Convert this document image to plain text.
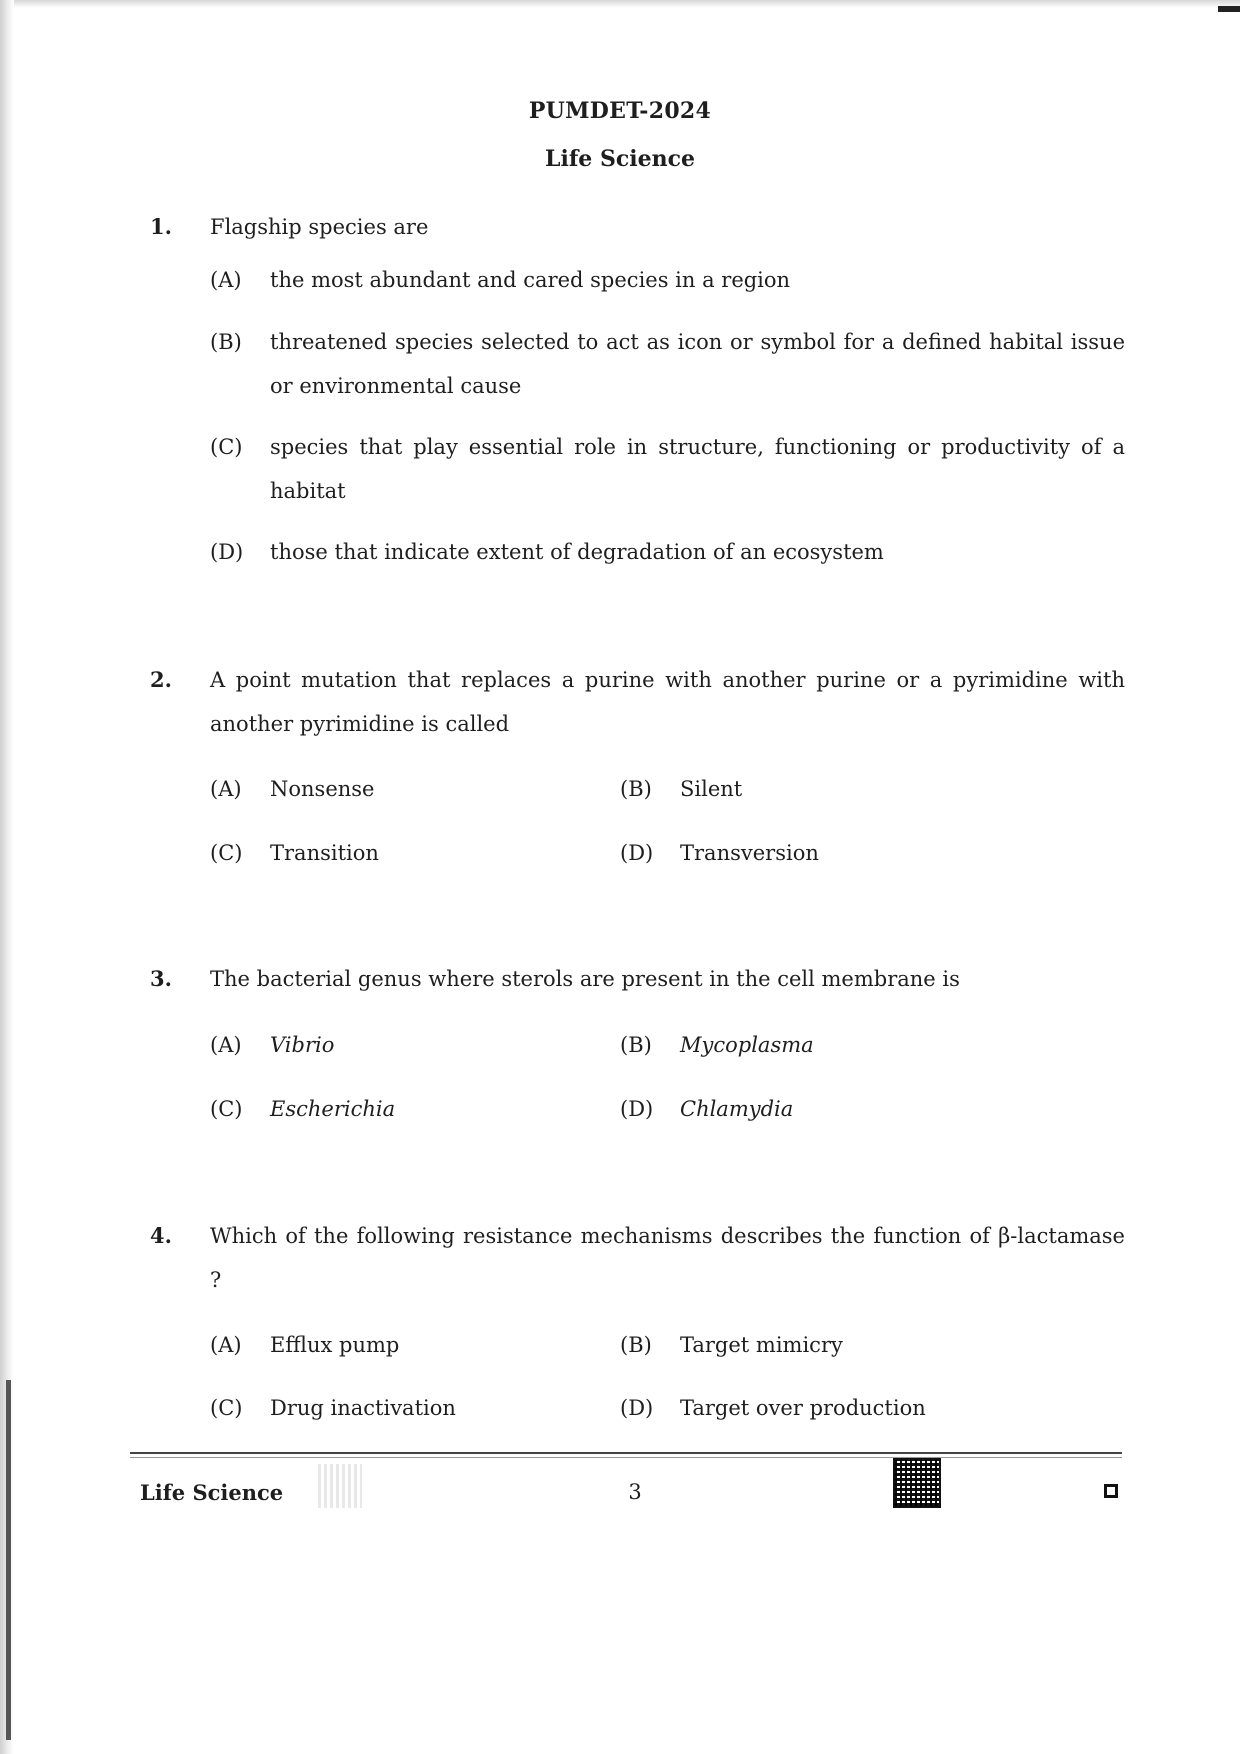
PUMDET-2024
Life Science
1. Flagship species are
(A) the most abundant and cared species in a region
(B) threatened species selected to act as icon or symbol for a defined habital issue or environmental cause
(C) species that play essential role in structure, functioning or productivity of a habitat
(D) those that indicate extent of degradation of an ecosystem
2. A point mutation that replaces a purine with another purine or a pyrimidine with another pyrimidine is called
(A) Nonsense	(B) Silent
(C) Transition	(D) Transversion
3. The bacterial genus where sterols are present in the cell membrane is
(A) Vibrio	(B) Mycoplasma
(C) Escherichia	(D) Chlamydia
4. Which of the following resistance mechanisms describes the function of β-lactamase ?
(A) Efflux pump	(B) Target mimicry
(C) Drug inactivation	(D) Target over production
Life Science	3
